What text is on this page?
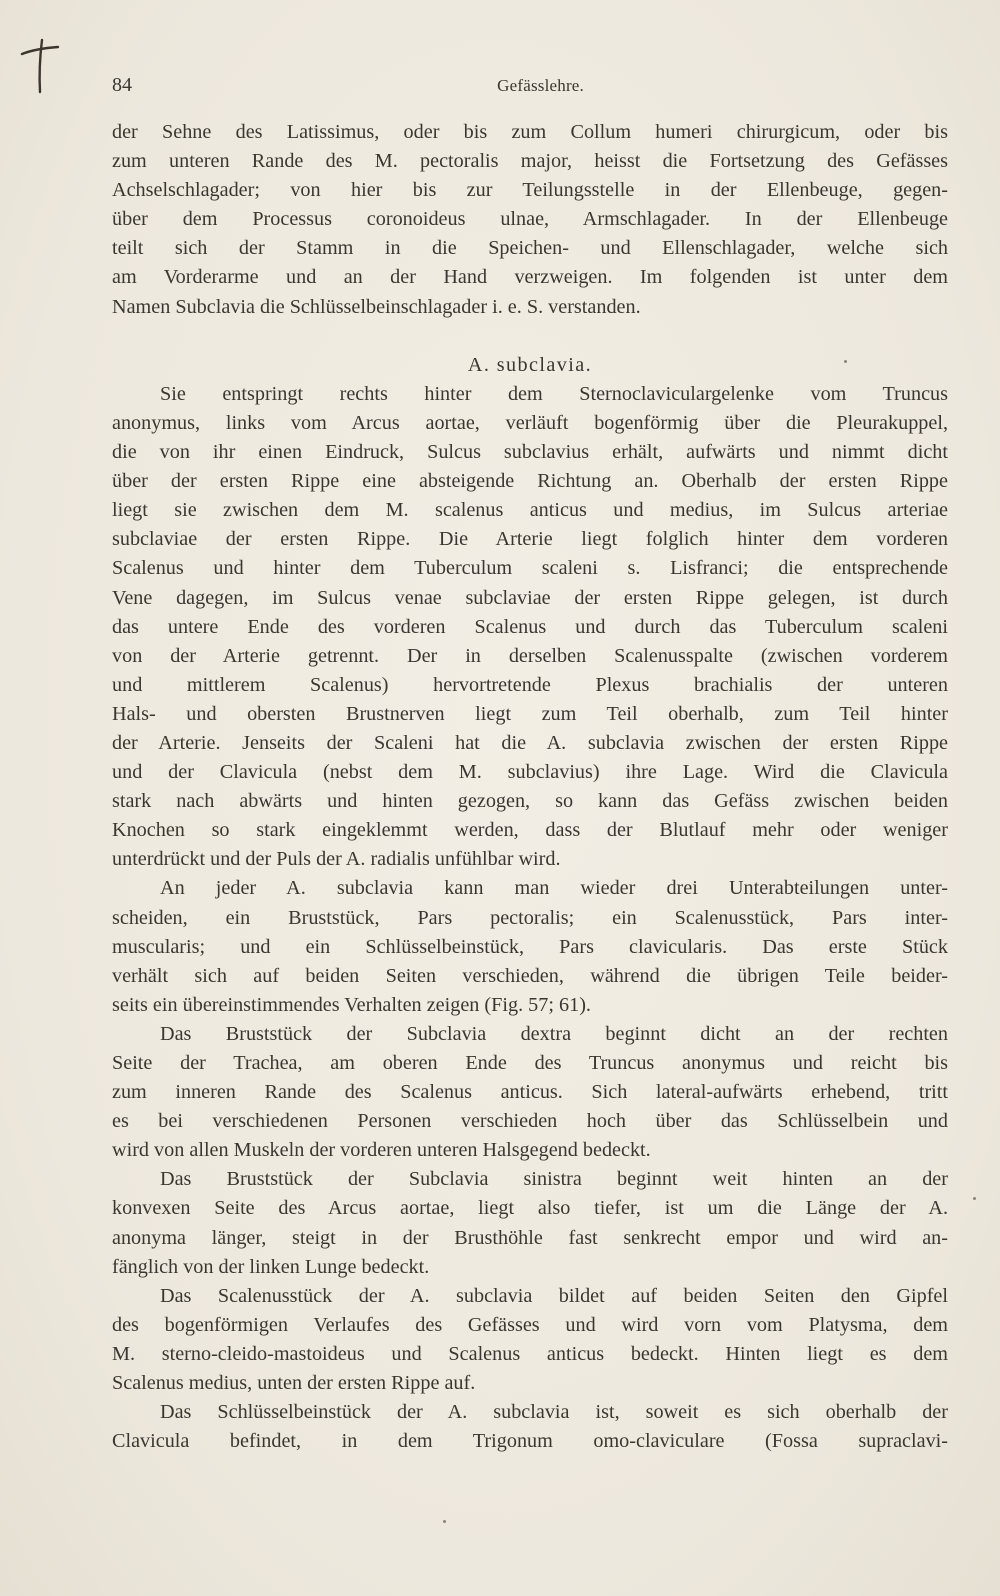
84	Gefässlehre.
der Sehne des Latissimus, oder bis zum Collum humeri chirurgicum, oder bis
zum unteren Rande des M. pectoralis major, heisst die Fortsetzung des Gefässes
Achselschlagader; von hier bis zur Teilungsstelle in der Ellenbeuge, gegen-
über dem Processus coronoideus ulnae, Armschlagader. In der Ellenbeuge
teilt sich der Stamm in die Speichen- und Ellenschlagader, welche sich
am Vorderarme und an der Hand verzweigen. Im folgenden ist unter dem
Namen Subclavia die Schlüsselbeinschlagader i. e. S. verstanden.
A. subclavia.
Sie entspringt rechts hinter dem Sternoclaviculargelenke vom Truncus
anonymus, links vom Arcus aortae, verläuft bogenförmig über die Pleurakuppel,
die von ihr einen Eindruck, Sulcus subclavius erhält, aufwärts und nimmt dicht
über der ersten Rippe eine absteigende Richtung an. Oberhalb der ersten Rippe
liegt sie zwischen dem M. scalenus anticus und medius, im Sulcus arteriae
subclaviae der ersten Rippe. Die Arterie liegt folglich hinter dem vorderen
Scalenus und hinter dem Tuberculum scaleni s. Lisfranci; die entsprechende
Vene dagegen, im Sulcus venae subclaviae der ersten Rippe gelegen, ist durch
das untere Ende des vorderen Scalenus und durch das Tuberculum scaleni
von der Arterie getrennt. Der in derselben Scalenusspalte (zwischen vorderem
und mittlerem Scalenus) hervortretende Plexus brachialis der unteren
Hals- und obersten Brustnerven liegt zum Teil oberhalb, zum Teil hinter
der Arterie. Jenseits der Scaleni hat die A. subclavia zwischen der ersten Rippe
und der Clavicula (nebst dem M. subclavius) ihre Lage. Wird die Clavicula
stark nach abwärts und hinten gezogen, so kann das Gefäss zwischen beiden
Knochen so stark eingeklemmt werden, dass der Blutlauf mehr oder weniger
unterdrückt und der Puls der A. radialis unfühlbar wird.
An jeder A. subclavia kann man wieder drei Unterabteilungen unter-
scheiden, ein Bruststück, Pars pectoralis; ein Scalenusstück, Pars inter-
muscularis; und ein Schlüsselbeinstück, Pars clavicularis. Das erste Stück
verhält sich auf beiden Seiten verschieden, während die übrigen Teile beider-
seits ein übereinstimmendes Verhalten zeigen (Fig. 57; 61).
Das Bruststück der Subclavia dextra beginnt dicht an der rechten
Seite der Trachea, am oberen Ende des Truncus anonymus und reicht bis
zum inneren Rande des Scalenus anticus. Sich lateral-aufwärts erhebend, tritt
es bei verschiedenen Personen verschieden hoch über das Schlüsselbein und
wird von allen Muskeln der vorderen unteren Halsgegend bedeckt.
Das Bruststück der Subclavia sinistra beginnt weit hinten an der
konvexen Seite des Arcus aortae, liegt also tiefer, ist um die Länge der A.
anonyma länger, steigt in der Brusthöhle fast senkrecht empor und wird an-
fänglich von der linken Lunge bedeckt.
Das Scalenusstück der A. subclavia bildet auf beiden Seiten den Gipfel
des bogenförmigen Verlaufes des Gefässes und wird vorn vom Platysma, dem
M. sterno-cleido-mastoideus und Scalenus anticus bedeckt. Hinten liegt es dem
Scalenus medius, unten der ersten Rippe auf.
Das Schlüsselbeinstück der A. subclavia ist, soweit es sich oberhalb der
Clavicula befindet, in dem Trigonum omo-claviculare (Fossa supraclavi-
